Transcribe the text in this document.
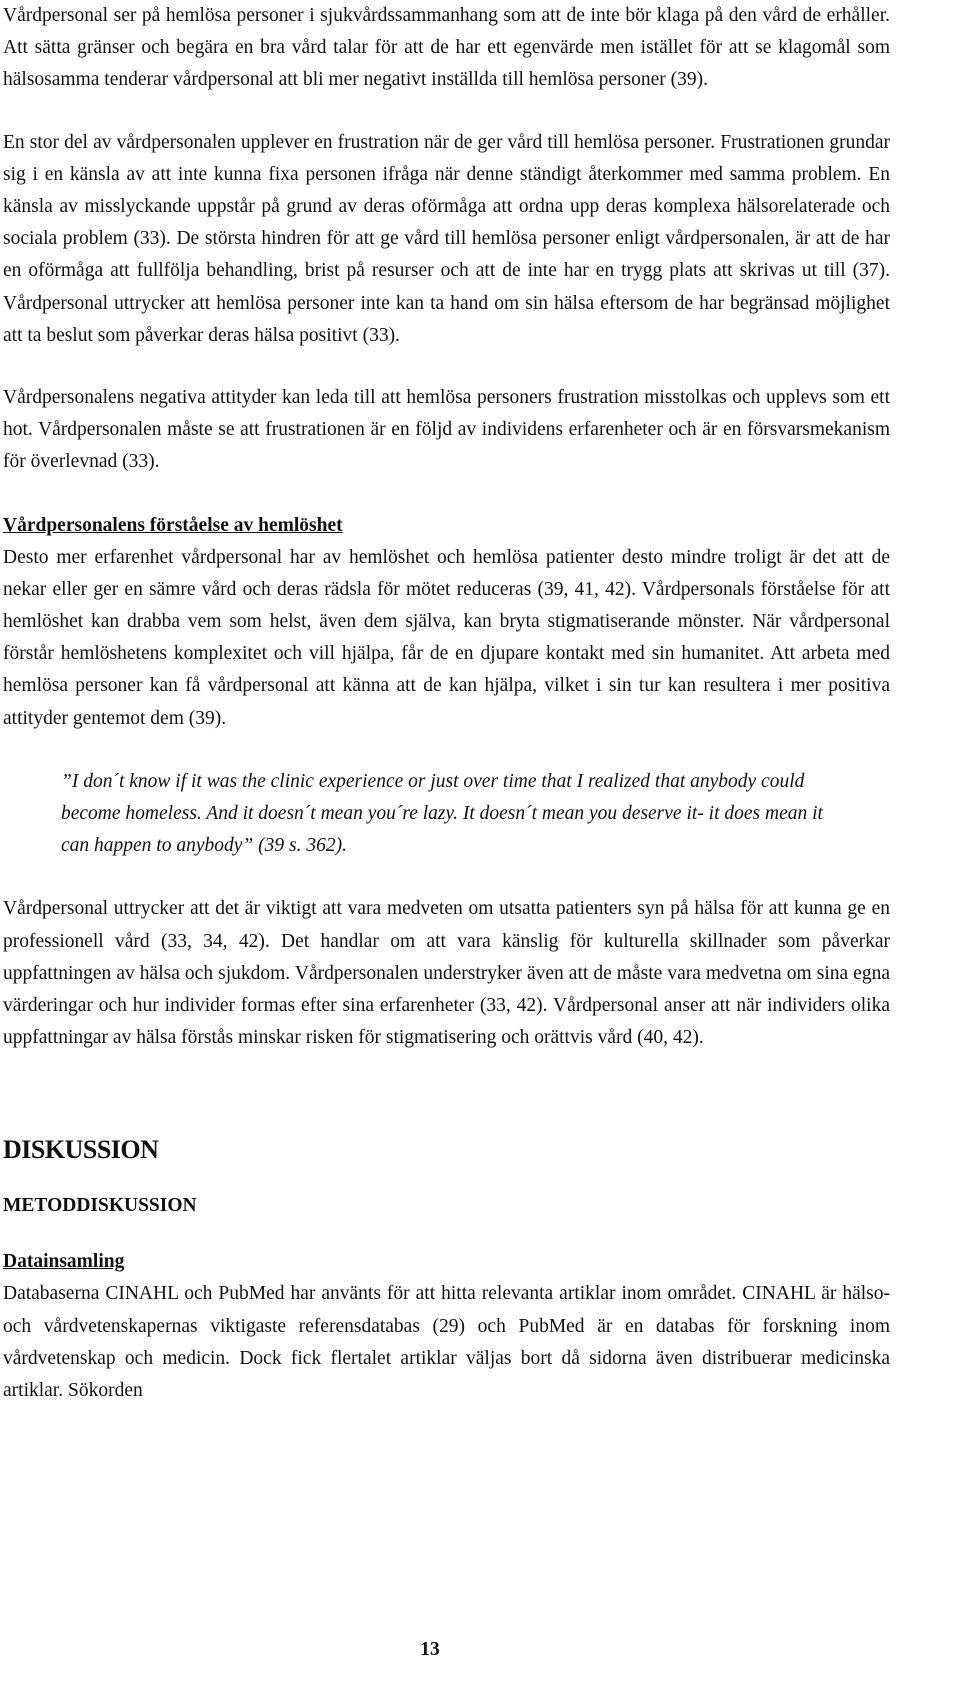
Vårdpersonal ser på hemlösa personer i sjukvårdssammanhang som att de inte bör klaga på den vård de erhåller. Att sätta gränser och begära en bra vård talar för att de har ett egenvärde men istället för att se klagomål som hälsosamma tenderar vårdpersonal att bli mer negativt inställda till hemlösa personer (39).

En stor del av vårdpersonalen upplever en frustration när de ger vård till hemlösa personer. Frustrationen grundar sig i en känsla av att inte kunna fixa personen ifråga när denne ständigt återkommer med samma problem. En känsla av misslyckande uppstår på grund av deras oförmåga att ordna upp deras komplexa hälsorelaterade och sociala problem (33). De största hindren för att ge vård till hemlösa personer enligt vårdpersonalen, är att de har en oförmåga att fullfölja behandling, brist på resurser och att de inte har en trygg plats att skrivas ut till (37). Vårdpersonal uttrycker att hemlösa personer inte kan ta hand om sin hälsa eftersom de har begränsad möjlighet att ta beslut som påverkar deras hälsa positivt (33).

Vårdpersonalens negativa attityder kan leda till att hemlösa personers frustration misstolkas och upplevs som ett hot. Vårdpersonalen måste se att frustrationen är en följd av individens erfarenheter och är en försvarsmekanism för överlevnad (33).

Vårdpersonalens förståelse av hemlöshet

Desto mer erfarenhet vårdpersonal har av hemlöshet och hemlösa patienter desto mindre troligt är det att de nekar eller ger en sämre vård och deras rädsla för mötet reduceras (39, 41, 42). Vårdpersonals förståelse för att hemlöshet kan drabba vem som helst, även dem själva, kan bryta stigmatiserande mönster. När vårdpersonal förstår hemlöshetens komplexitet och vill hjälpa, får de en djupare kontakt med sin humanitet. Att arbeta med hemlösa personer kan få vårdpersonal att känna att de kan hjälpa, vilket i sin tur kan resultera i mer positiva attityder gentemot dem (39).

”I don´t know if it was the clinic experience or just over time that I realized that anybody could become homeless. And it doesn´t mean you´re lazy. It doesn´t mean you deserve it- it does mean it can happen to anybody” (39 s. 362).

Vårdpersonal uttrycker att det är viktigt att vara medveten om utsatta patienters syn på hälsa för att kunna ge en professionell vård (33, 34, 42). Det handlar om att vara känslig för kulturella skillnader som påverkar uppfattningen av hälsa och sjukdom. Vårdpersonalen understryker även att de måste vara medvetna om sina egna värderingar och hur individer formas efter sina erfarenheter (33, 42). Vårdpersonal anser att när individers olika uppfattningar av hälsa förstås minskar risken för stigmatisering och orättvis vård (40, 42).

DISKUSSION
METODDISKUSSION
Datainsamling

Databaserna CINAHL och PubMed har använts för att hitta relevanta artiklar inom området. CINAHL är hälso- och vårdvetenskapernas viktigaste referensdatabas (29) och PubMed är en databas för forskning inom vårdvetenskap och medicin. Dock fick flertalet artiklar väljas bort då sidorna även distribuerar medicinska artiklar. Sökorden

13
